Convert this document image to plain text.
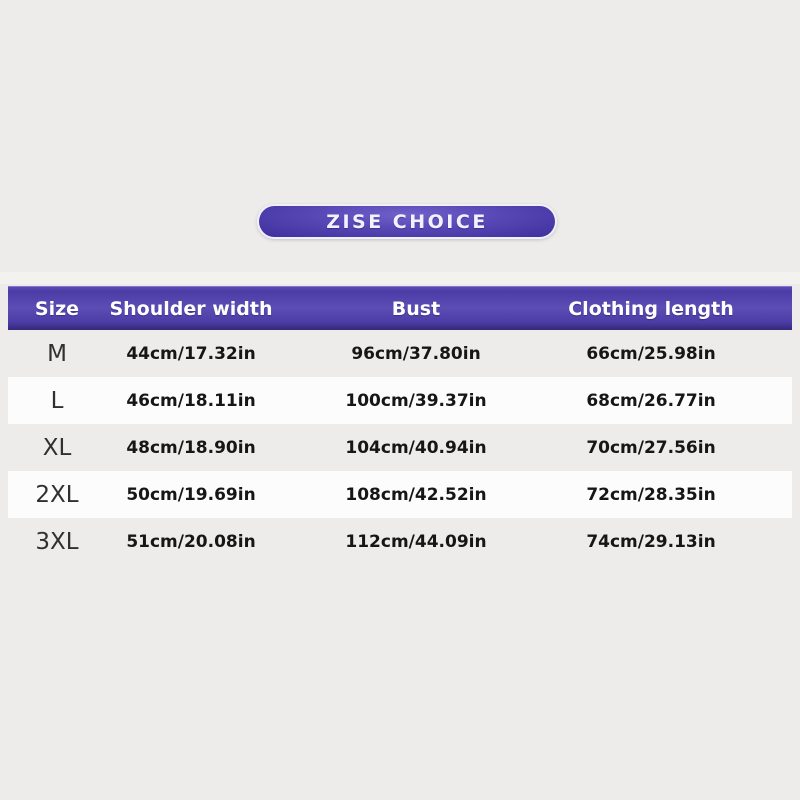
ZISE CHOICE
Size	Shoulder width	Bust	Clothing length
M	44cm/17.32in	96cm/37.80in	66cm/25.98in
L	46cm/18.11in	100cm/39.37in	68cm/26.77in
XL	48cm/18.90in	104cm/40.94in	70cm/27.56in
2XL	50cm/19.69in	108cm/42.52in	72cm/28.35in
3XL	51cm/20.08in	112cm/44.09in	74cm/29.13in
